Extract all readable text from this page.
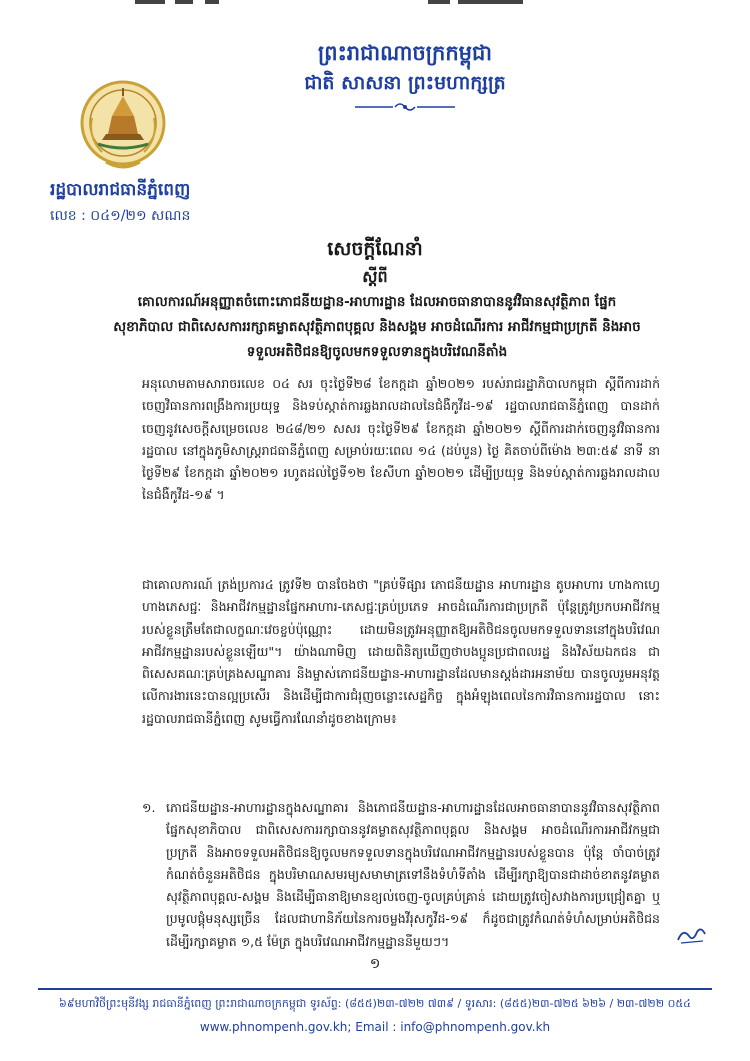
ព្រះរាជាណាចក្រកម្ពុជា
ជាតិ សាសនា ព្រះមហាក្សត្រ
រដ្ឋបាលរាជធានីភ្នំពេញ
លេខ : ០៤១/២១ សណន
សេចក្តីណែនាំ
ស្តីពី
គោលការណ៍អនុញ្ញាតចំពោះភោជនីយដ្ឋាន-អាហារដ្ឋាន ដែលអាចធានាបាននូវវិធានសុវត្ថិភាព ផ្នែកសុខាភិបាល ជាពិសេសការរក្សាគម្លាតសុវត្ថិភាពបុគ្គល និងសង្គម អាចដំណើរការ អាជីវកម្មជាប្រក្រតី និងអាចទទួលអតិថិជនឱ្យចូលមកទទួលទានក្នុងបរិវេណនីតាំង
អនុលោមតាមសារាចរលេខ ០៤ សរ ចុះថ្ងៃទី២៨ ខែកក្កដា ឆ្នាំ២០២១ របស់រាជរដ្ឋាភិបាលកម្ពុជា ស្តីពីការដាក់ចេញវិធានការពង្រឹងការប្រយុទ្ធ និងទប់ស្កាត់ការឆ្លងរាលដាលនៃជំងឺកូវីដ-១៩ រដ្ឋបាលរាជធានីភ្នំពេញ បានដាក់ចេញនូវសេចក្តីសម្រេចលេខ ២៤៨/២១ សសរ ចុះថ្ងៃទី២៩ ខែកក្កដា ឆ្នាំ២០២១ ស្តីពីការដាក់ចេញនូវវិធានការរដ្ឋបាល នៅក្នុងភូមិសាស្ត្ររាជធានីភ្នំពេញ សម្រាប់រយៈពេល ១៤ (ដប់បួន) ថ្ងៃ គិតចាប់ពីម៉ោង ២៣:៥៩ នាទី នាថ្ងៃទី២៩ ខែកក្កដា ឆ្នាំ២០២១ រហូតដល់ថ្ងៃទី១២ ខែសីហា ឆ្នាំ២០២១ ដើម្បីប្រយុទ្ធ និងទប់ស្កាត់ការឆ្លងរាលដាលនៃជំងឺកូវីដ-១៩ ។
ជាគោលការណ៍ ត្រង់ប្រការ៤ ត្រូវទី២ បានចែងថា "គ្រប់ទីផ្សារ ភោជនីយដ្ឋាន អាហារដ្ឋាន តូបអាហារ ហាងកាហ្វេ ហាងភេសជ្ជៈ និងអាជីវកម្មដ្ឋានផ្នែកអាហារ-ភេសជ្ជៈគ្រប់ប្រភេទ អាចដំណើរការជាប្រក្រតី ប៉ុន្តែត្រូវប្រកបអាជីវកម្មរបស់ខ្លួនត្រឹមតែជាលក្ខណៈវេចខ្ចប់ប៉ុណ្ណោះ ដោយមិនត្រូវអនុញ្ញាតឱ្យអតិថិជនចូលមកទទួលទាននៅក្នុងបរិវេណអាជីវកម្មដ្ឋានរបស់ខ្លួនឡើយ"។ យ៉ាងណាមិញ ដោយពិនិត្យឃើញថាបងប្អូនប្រជាពលរដ្ឋ និងវិស័យឯកជន ជាពិសេសគណៈគ្រប់គ្រងសណ្ឋាគារ និងម្ចាស់ភោជនីយដ្ឋាន-អាហារដ្ឋានដែលមានស្តង់ដារអនាម័យ បានចូលរួមអនុវត្តលើការងារនេះបានល្អប្រសើរ និងដើម្បីជាការជំរុញចន្លោះសេដ្ឋកិច្ច ក្នុងអំឡុងពេលនៃការវិធានការរដ្ឋបាល នោះ រដ្ឋបាលរាជធានីភ្នំពេញ សូមធ្វើការណែនាំដូចខាងក្រោម៖
១. ភោជនីយដ្ឋាន-អាហារដ្ឋានក្នុងសណ្ឋាគារ និងភោជនីយដ្ឋាន-អាហារដ្ឋានដែលអាចធានាបាននូវវិធានសុវត្ថិភាពផ្នែកសុខាភិបាល ជាពិសេសការរក្សាបាននូវគម្លាតសុវត្ថិភាពបុគ្គល និងសង្គម អាចដំណើរការអាជីវកម្មជាប្រក្រតី និងអាចទទួលអតិថិជនឱ្យចូលមកទទួលទានក្នុងបរិវេណអាជីវកម្មដ្ឋានរបស់ខ្លួនបាន ប៉ុន្តែ ចាំបាច់ត្រូវកំណត់ចំនួនអតិថិជន ក្នុងបរិមាណសមរម្យសមាមាត្រទៅនឹងទំហំទីតាំង ដើម្បីរក្សាឱ្យបានជាដាច់ខាតនូវគម្លាតសុវត្ថិភាពបុគ្គល-សង្គម និងដើម្បីធានាឱ្យមានខ្យល់ចេញ-ចូលគ្រប់គ្រាន់ ដោយត្រូវចៀសវាងការប្រជ្រៀតគ្នា ឬ ប្រមូលផ្តុំមនុស្សច្រើន ដែលជាហានិភ័យនៃការចម្លងវីរុសកូវីដ-១៩ ក៏ដូចជាត្រូវកំណត់ទំហំសម្រាប់អតិថិជនដើម្បីរក្សាគម្លាត ១,៥ ម៉ែត្រ ក្នុងបរិវេណអាជីវកម្មដ្ឋាននីមួយៗ។
១
៦៩មហាវិថីព្រះមុនីវង្ស រាជធានីភ្នំពេញ ព្រះរាជាណាចក្រកម្ពុជា ទូរស័ព្ទ: (៨៥៥)២៣-៧២២ ៧៣៩ / ទូរសារ: (៨៥៥)២៣-៧២៥ ៦២៦ / ២៣-៧២២ ០៥៤
www.phnompenh.gov.kh; Email : info@phnompenh.gov.kh
